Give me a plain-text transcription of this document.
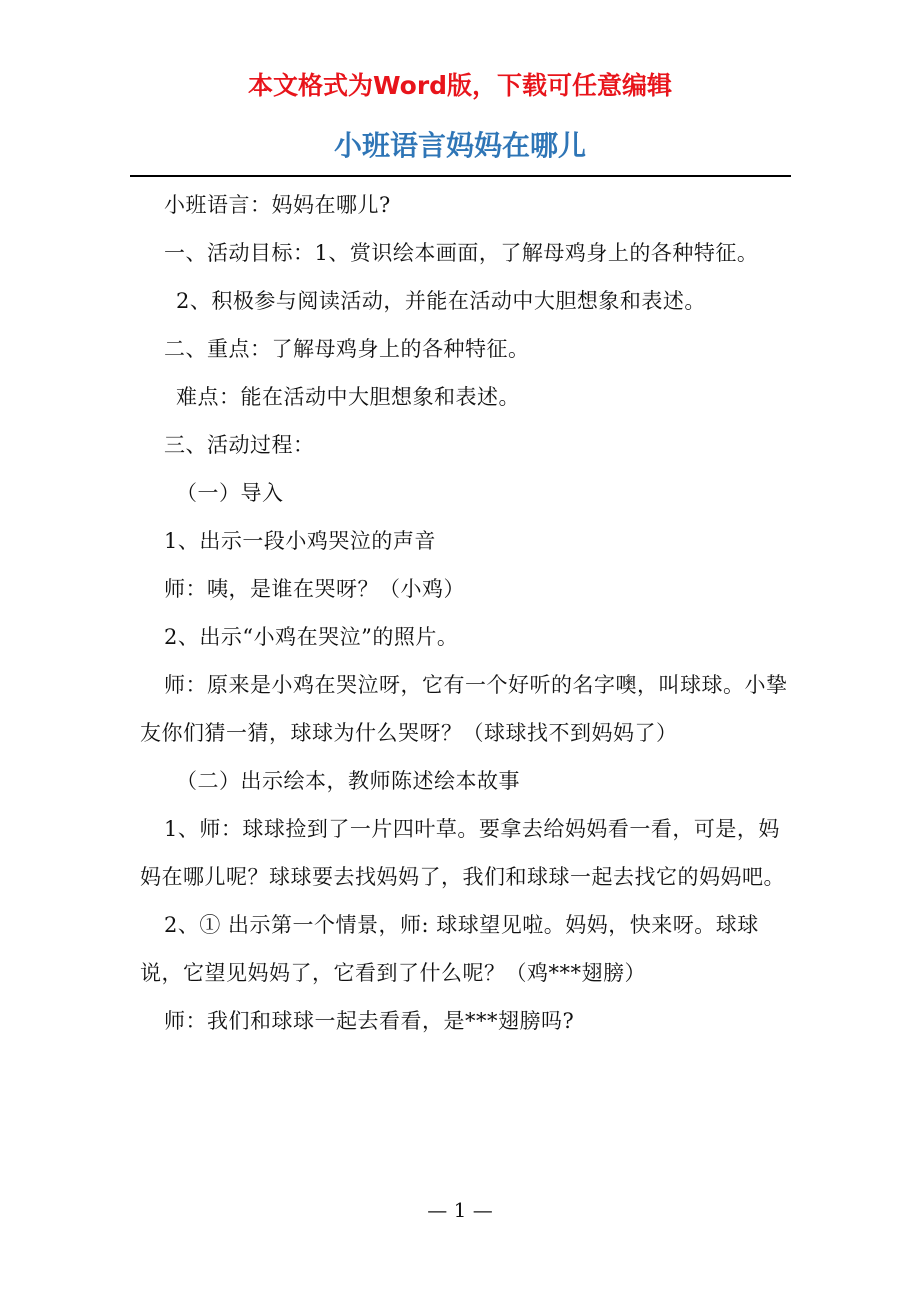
本文格式为Word版，下载可任意编辑

小班语言妈妈在哪儿

小班语言：妈妈在哪儿?

一、活动目标：1、赏识绘本画面，了解母鸡身上的各种特征。

2、积极参与阅读活动，并能在活动中大胆想象和表述。

二、重点：了解母鸡身上的各种特征。

难点：能在活动中大胆想象和表述。

三、活动过程：

（一）导入

1、出示一段小鸡哭泣的声音

师：咦，是谁在哭呀？（小鸡）

2、出示“小鸡在哭泣”的照片。

师：原来是小鸡在哭泣呀，它有一个好听的名字噢，叫球球。小挚友你们猜一猜，球球为什么哭呀？（球球找不到妈妈了）

（二）出示绘本，教师陈述绘本故事

1、师：球球捡到了一片四叶草。要拿去给妈妈看一看，可是，妈妈在哪儿呢？球球要去找妈妈了，我们和球球一起去找它的妈妈吧。

2、① 出示第一个情景，师: 球球望见啦。妈妈，快来呀。球球说，它望见妈妈了，它看到了什么呢？（鸡***翅膀）

师：我们和球球一起去看看，是***翅膀吗?

— 1 —
